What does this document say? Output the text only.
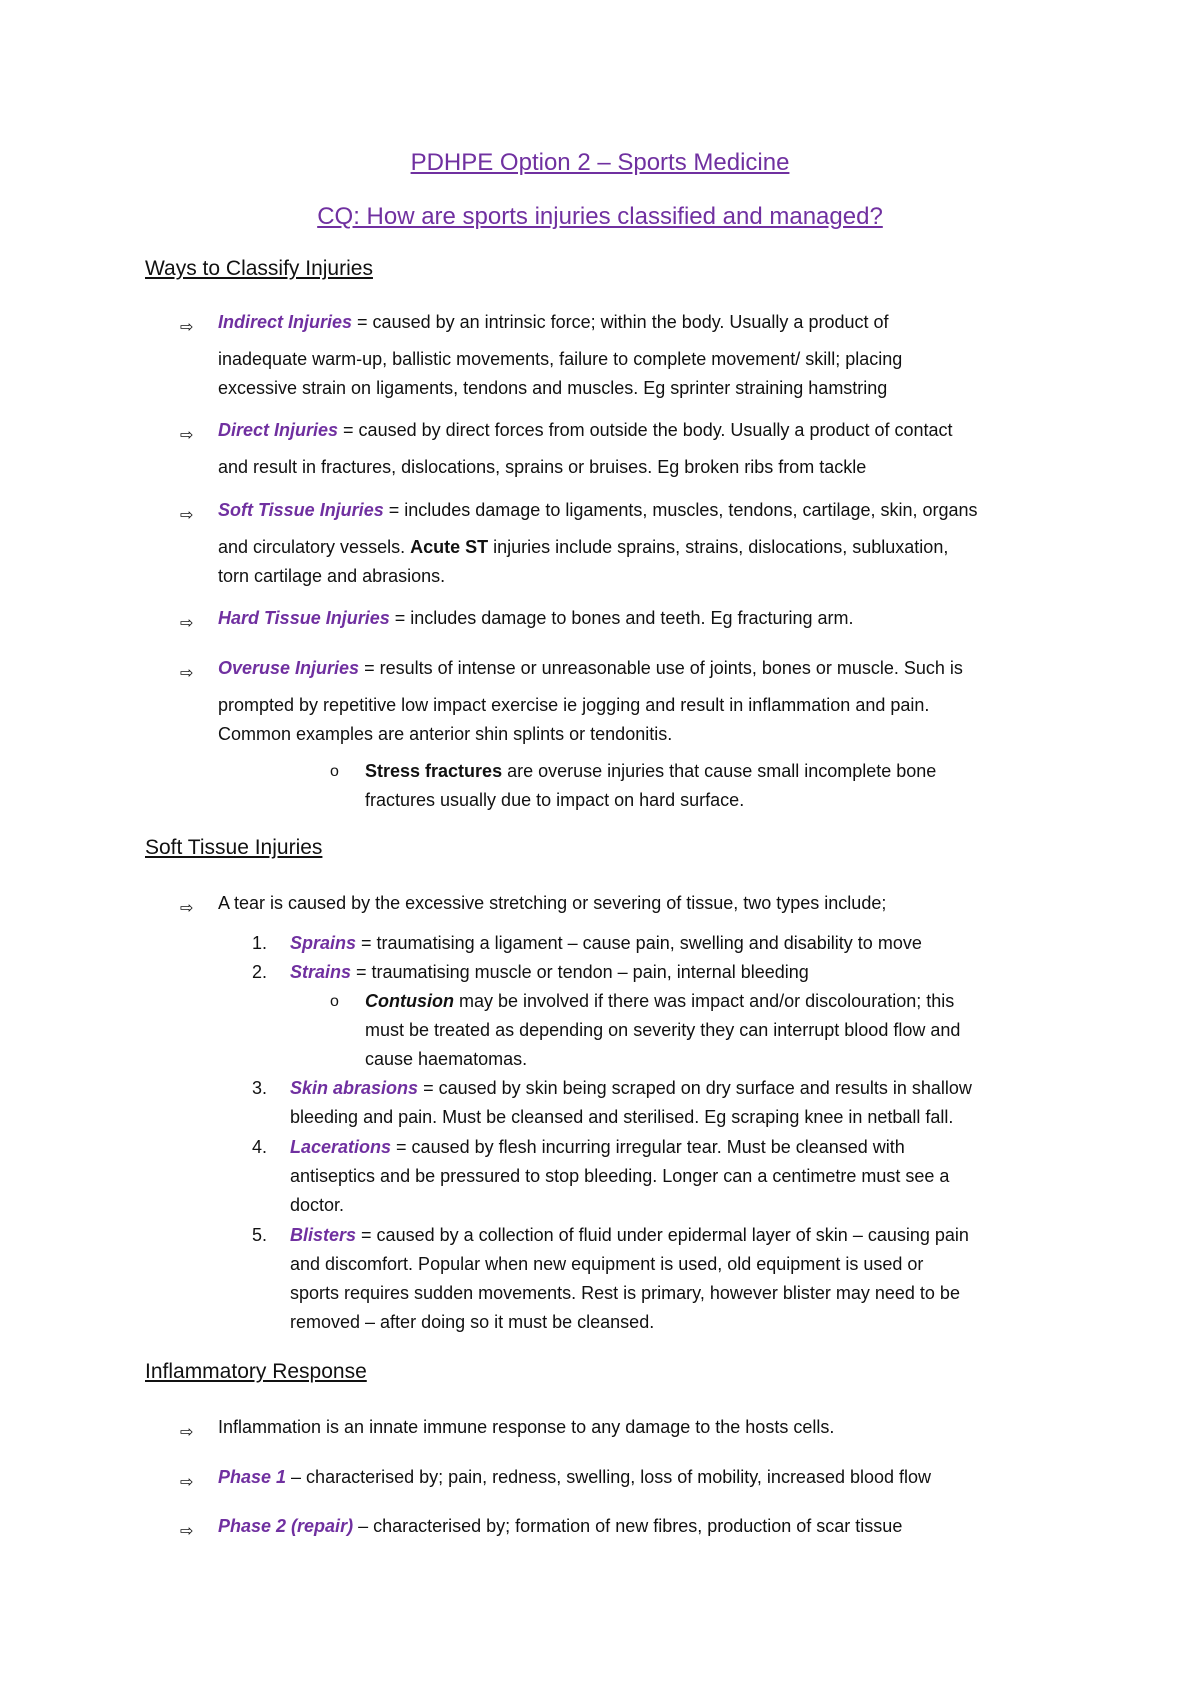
PDHPE Option 2 – Sports Medicine
CQ: How are sports injuries classified and managed?
Ways to Classify Injuries
⇨	Indirect Injuries = caused by an intrinsic force; within the body. Usually a product of
inadequate warm-up, ballistic movements, failure to complete movement/ skill; placing
excessive strain on ligaments, tendons and muscles. Eg sprinter straining hamstring
⇨	Direct Injuries = caused by direct forces from outside the body. Usually a product of contact
and result in fractures, dislocations, sprains or bruises. Eg broken ribs from tackle
⇨	Soft Tissue Injuries = includes damage to ligaments, muscles, tendons, cartilage, skin, organs
and circulatory vessels. Acute ST injuries include sprains, strains, dislocations, subluxation,
torn cartilage and abrasions.
⇨	Hard Tissue Injuries = includes damage to bones and teeth. Eg fracturing arm.
⇨	Overuse Injuries = results of intense or unreasonable use of joints, bones or muscle. Such is
prompted by repetitive low impact exercise ie jogging and result in inflammation and pain.
Common examples are anterior shin splints or tendonitis.
o	Stress fractures are overuse injuries that cause small incomplete bone
fractures usually due to impact on hard surface.
Soft Tissue Injuries
⇨	A tear is caused by the excessive stretching or severing of tissue, two types include;
1.	Sprains = traumatising a ligament – cause pain, swelling and disability to move
2.	Strains = traumatising muscle or tendon – pain, internal bleeding
o	Contusion may be involved if there was impact and/or discolouration; this
must be treated as depending on severity they can interrupt blood flow and
cause haematomas.
3.	Skin abrasions = caused by skin being scraped on dry surface and results in shallow
bleeding and pain. Must be cleansed and sterilised. Eg scraping knee in netball fall.
4.	Lacerations = caused by flesh incurring irregular tear. Must be cleansed with
antiseptics and be pressured to stop bleeding. Longer can a centimetre must see a
doctor.
5.	Blisters = caused by a collection of fluid under epidermal layer of skin – causing pain
and discomfort. Popular when new equipment is used, old equipment is used or
sports requires sudden movements. Rest is primary, however blister may need to be
removed – after doing so it must be cleansed.
Inflammatory Response
⇨	Inflammation is an innate immune response to any damage to the hosts cells.
⇨	Phase 1 – characterised by; pain, redness, swelling, loss of mobility, increased blood flow
⇨	Phase 2 (repair) – characterised by; formation of new fibres, production of scar tissue
